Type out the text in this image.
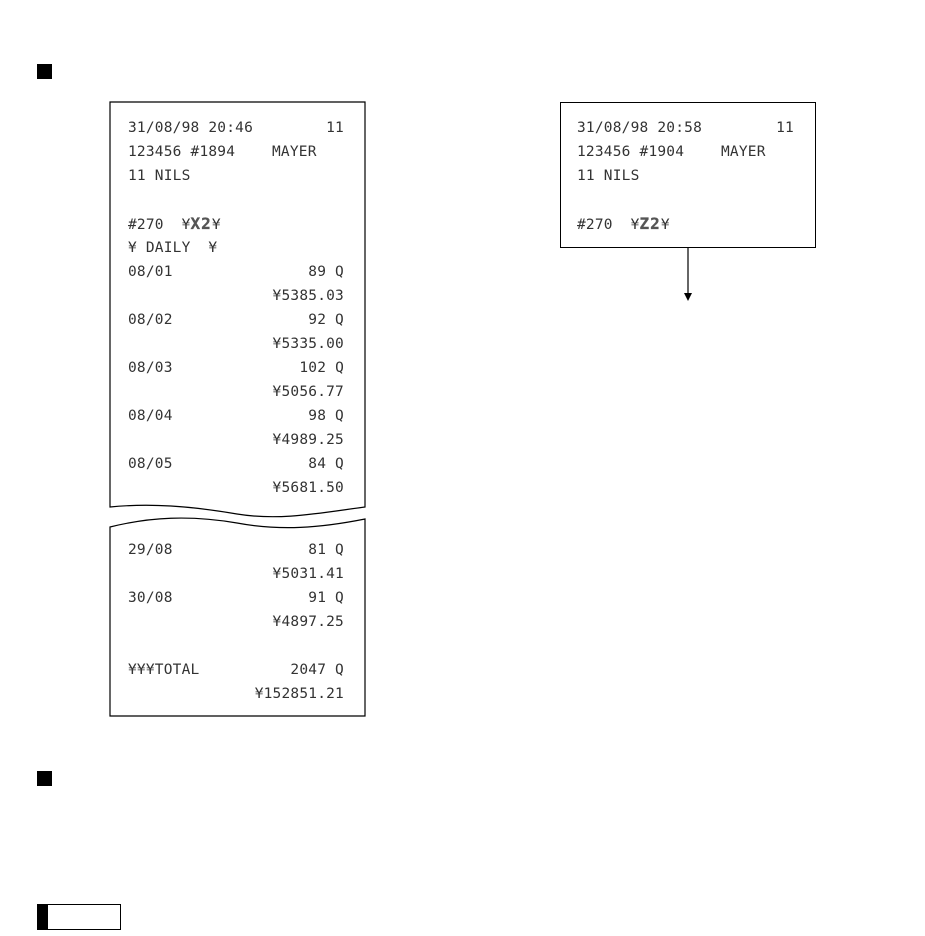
31/08/98 20:46	11
123456 #1894	MAYER
11 NILS
#270 ¥X2¥
¥ DAILY  ¥
08/01	89 Q
¥5385.03
08/02	92 Q
¥5335.00
08/03	102 Q
¥5056.77
08/04	98 Q
¥4989.25
08/05	84 Q
¥5681.50
29/08	81 Q
¥5031.41
30/08	91 Q
¥4897.25
¥¥¥TOTAL	2047 Q
¥152851.21
31/08/98 20:58	11
123456 #1904	MAYER
11 NILS
#270 ¥Z2¥
